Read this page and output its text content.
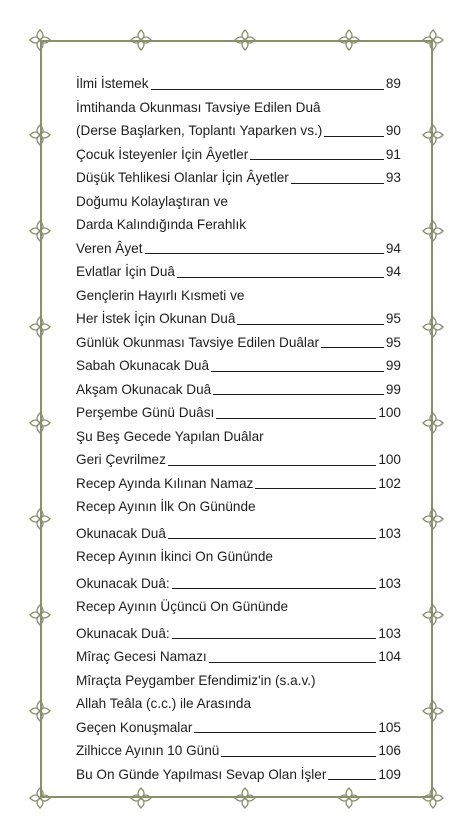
İlmi İstemek	89
İmtihanda Okunması Tavsiye Edilen Duâ
(Derse Başlarken, Toplantı Yaparken vs.)	90
Çocuk İsteyenler İçin Âyetler	91
Düşük Tehlikesi Olanlar İçin Âyetler	93
Doğumu Kolaylaştıran ve
Darda Kalındığında Ferahlık
Veren Âyet	94
Evlatlar İçin Duâ	94
Gençlerin Hayırlı Kısmeti ve
Her İstek İçin Okunan Duâ	95
Günlük Okunması Tavsiye Edilen Duâlar	95
Sabah Okunacak Duâ	99
Akşam Okunacak Duâ	99
Perşembe Günü Duâsı	100
Şu Beş Gecede Yapılan Duâlar
Geri Çevrilmez	100
Recep Ayında Kılınan Namaz	102
Recep Ayının İlk On Gününde
Okunacak Duâ	103
Recep Ayının İkinci On Gününde
Okunacak Duâ:	103
Recep Ayının Üçüncü On Gününde
Okunacak Duâ:	103
Mîraç Gecesi Namazı	104
Mîraçta Peygamber Efendimiz'in (s.a.v.)
Allah Teâla (c.c.) ile Arasında
Geçen Konuşmalar	105
Zilhicce Ayının 10 Günü	106
Bu On Günde Yapılması Sevap Olan İşler	109
